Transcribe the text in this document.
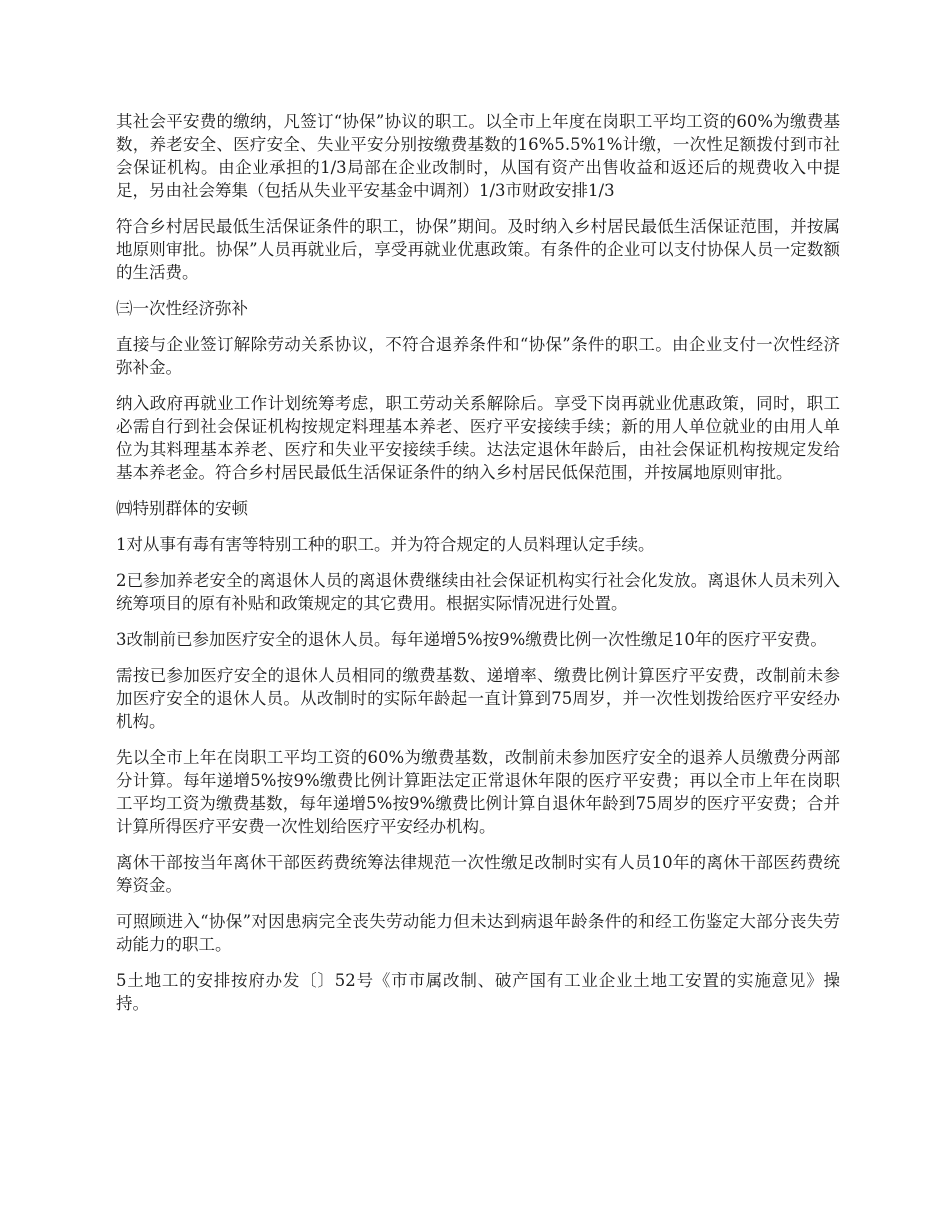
其社会平安费的缴纳，凡签订“协保”协议的职工。以全市上年度在岗职工平均工资的60%为缴费基数，养老安全、医疗安全、失业平安分别按缴费基数的16%5.5%1%计缴，一次性足额拨付到市社会保证机构。由企业承担的1/3局部在企业改制时，从国有资产出售收益和返还后的规费收入中提足，另由社会筹集（包括从失业平安基金中调剂）1/3市财政安排1/3

符合乡村居民最低生活保证条件的职工，协保”期间。及时纳入乡村居民最低生活保证范围，并按属地原则审批。协保”人员再就业后，享受再就业优惠政策。有条件的企业可以支付协保人员一定数额的生活费。

㈢一次性经济弥补

直接与企业签订解除劳动关系协议，不符合退养条件和“协保”条件的职工。由企业支付一次性经济弥补金。

纳入政府再就业工作计划统筹考虑，职工劳动关系解除后。享受下岗再就业优惠政策，同时，职工必需自行到社会保证机构按规定料理基本养老、医疗平安接续手续；新的用人单位就业的由用人单位为其料理基本养老、医疗和失业平安接续手续。达法定退休年龄后，由社会保证机构按规定发给基本养老金。符合乡村居民最低生活保证条件的纳入乡村居民低保范围，并按属地原则审批。

㈣特别群体的安顿

1对从事有毒有害等特别工种的职工。并为符合规定的人员料理认定手续。

2已参加养老安全的离退休人员的离退休费继续由社会保证机构实行社会化发放。离退休人员未列入统筹项目的原有补贴和政策规定的其它费用。根据实际情况进行处置。

3改制前已参加医疗安全的退休人员。每年递增5%按9%缴费比例一次性缴足10年的医疗平安费。

需按已参加医疗安全的退休人员相同的缴费基数、递增率、缴费比例计算医疗平安费，改制前未参加医疗安全的退休人员。从改制时的实际年龄起一直计算到75周岁，并一次性划拨给医疗平安经办机构。

先以全市上年在岗职工平均工资的60%为缴费基数，改制前未参加医疗安全的退养人员缴费分两部分计算。每年递增5%按9%缴费比例计算距法定正常退休年限的医疗平安费；再以全市上年在岗职工平均工资为缴费基数，每年递增5%按9%缴费比例计算自退休年龄到75周岁的医疗平安费；合并计算所得医疗平安费一次性划给医疗平安经办机构。

离休干部按当年离休干部医药费统筹法律规范一次性缴足改制时实有人员10年的离休干部医药费统筹资金。

可照顾进入“协保”对因患病完全丧失劳动能力但未达到病退年龄条件的和经工伤鉴定大部分丧失劳动能力的职工。

5土地工的安排按府办发〔〕52号《市市属改制、破产国有工业企业土地工安置的实施意见》操持。
